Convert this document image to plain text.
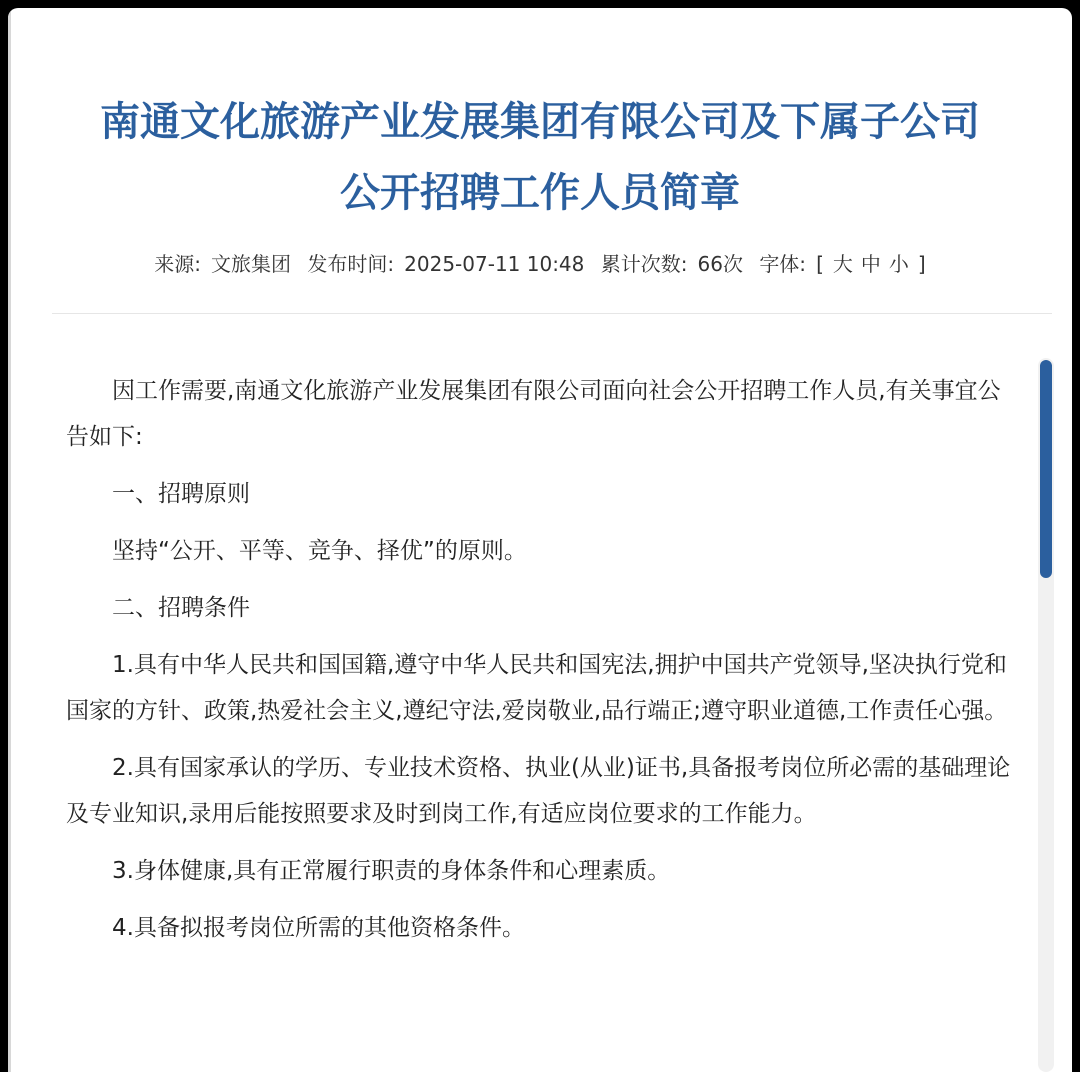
南通文化旅游产业发展集团有限公司及下属子公司
公开招聘工作人员简章
来源: 文旅集团 发布时间: 2025-07-11 10:48 累计次数: 66次 字体: [ 大 中 小 ]

因工作需要,南通文化旅游产业发展集团有限公司面向社会公开招聘工作人员,有关事宜公告如下:

一、招聘原则

坚持“公开、平等、竞争、择优”的原则。

二、招聘条件

1.具有中华人民共和国国籍,遵守中华人民共和国宪法,拥护中国共产党领导,坚决执行党和国家的方针、政策,热爱社会主义,遵纪守法,爱岗敬业,品行端正;遵守职业道德,工作责任心强。

2.具有国家承认的学历、专业技术资格、执业(从业)证书,具备报考岗位所必需的基础理论及专业知识,录用后能按照要求及时到岗工作,有适应岗位要求的工作能力。

3.身体健康,具有正常履行职责的身体条件和心理素质。

4.具备拟报考岗位所需的其他资格条件。
